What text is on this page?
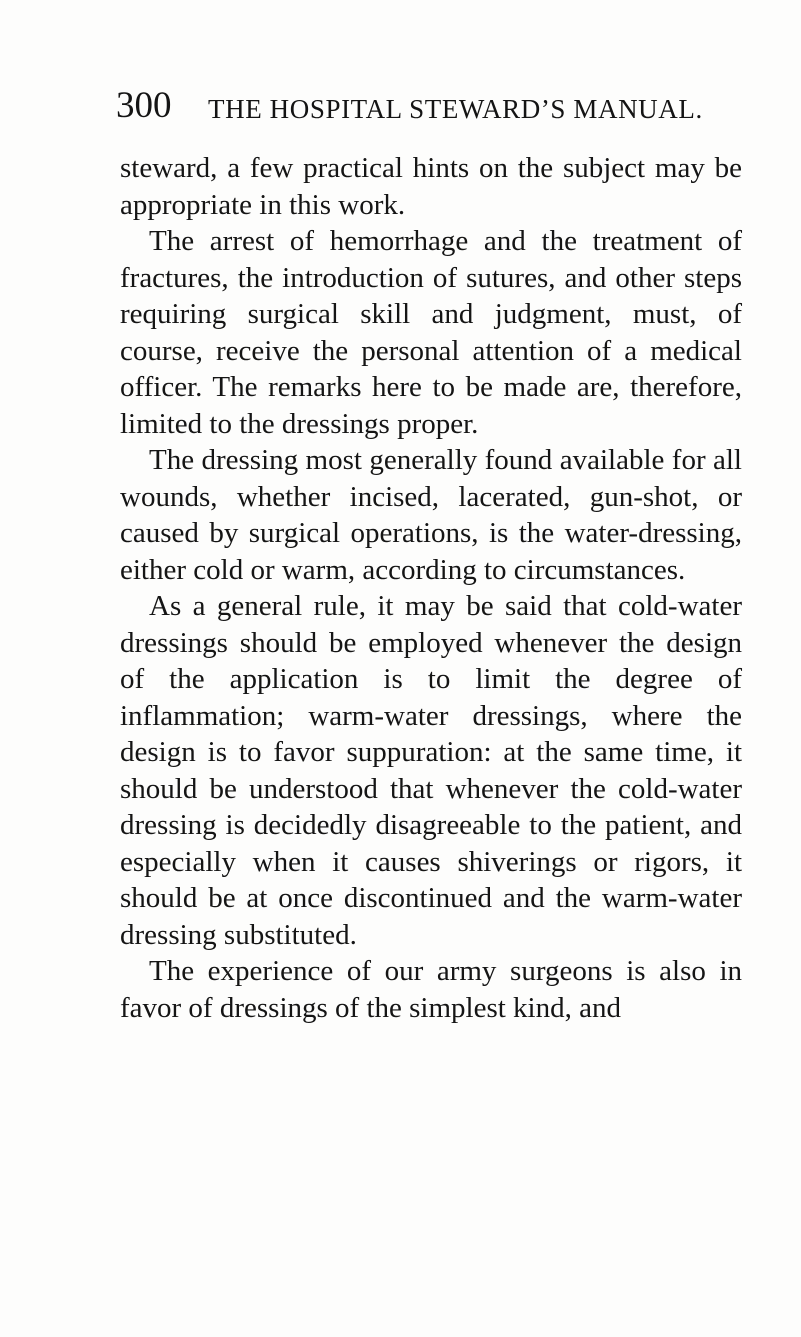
300 THE HOSPITAL STEWARD’S MANUAL.

steward, a few practical hints on the subject may be appropriate in this work.

The arrest of hemorrhage and the treatment of fractures, the introduction of sutures, and other steps requiring surgical skill and judgment, must, of course, receive the personal attention of a medical officer. The remarks here to be made are, therefore, limited to the dressings proper.

The dressing most generally found available for all wounds, whether incised, lacerated, gun-shot, or caused by surgical operations, is the water-dressing, either cold or warm, according to circumstances.

As a general rule, it may be said that cold-water dressings should be employed whenever the design of the application is to limit the degree of inflammation; warm-water dressings, where the design is to favor suppuration: at the same time, it should be understood that whenever the cold-water dressing is decidedly disagreeable to the patient, and especially when it causes shiverings or rigors, it should be at once discontinued and the warm-water dressing substituted.

The experience of our army surgeons is also in favor of dressings of the simplest kind, and
